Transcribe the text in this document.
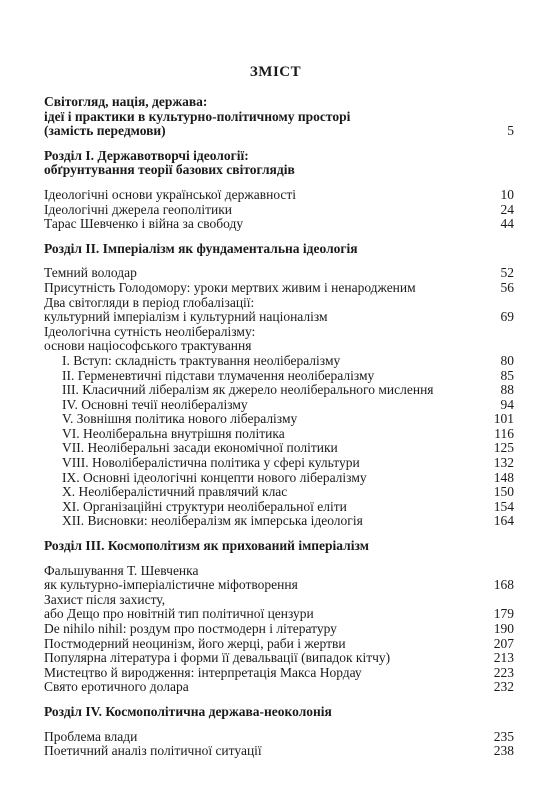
ЗМІСТ
Світогляд, нація, держава:
ідеї і практики в культурно-політичному просторі
(замість передмови)	5
Розділ I. Державотворчі ідеології:
обґрунтування теорії базових світоглядів
Ідеологічні основи української державності	10
Ідеологічні джерела геополітики	24
Тарас Шевченко і війна за свободу	44
Розділ II. Імперіалізм як фундаментальна ідеологія
Темний володар	52
Присутність Голодомору: уроки мертвих живим і ненародженим	56
Два світогляди в період глобалізації:
культурний імперіалізм і культурний націоналізм	69
Ідеологічна сутність неолібералізму:
основи націософського трактування
I. Вступ: складність трактування неолібералізму	80
II. Герменевтичні підстави тлумачення неолібералізму	85
III. Класичний лібералізм як джерело неоліберального мислення	88
IV. Основні течії неолібералізму	94
V. Зовнішня політика нового лібералізму	101
VI. Неоліберальна внутрішня політика	116
VII. Неоліберальні засади економічної політики	125
VIII. Новолібералістична політика у сфері культури	132
IX. Основні ідеологічні концепти нового лібералізму	148
X. Неолібералістичний правлячий клас	150
XI. Організаційні структури неоліберальної еліти	154
XII. Висновки: неолібералізм як імперська ідеологія	164
Розділ III. Космополітизм як прихований імперіалізм
Фальшування Т. Шевченка
як культурно-імперіалістичне міфотворення	168
Захист після захисту,
або Дещо про новітній тип політичної цензури	179
De nihilo nihil: роздум про постмодерн і літературу	190
Постмодерний неоцинізм, його жерці, раби і жертви	207
Популярна література і форми її девальвації (випадок кітчу)	213
Мистецтво й виродження: інтерпретація Макса Нордау	223
Свято еротичного долара	232
Розділ IV. Космополітична держава-неоколонія
Проблема влади	235
Поетичний аналіз політичної ситуації	238
